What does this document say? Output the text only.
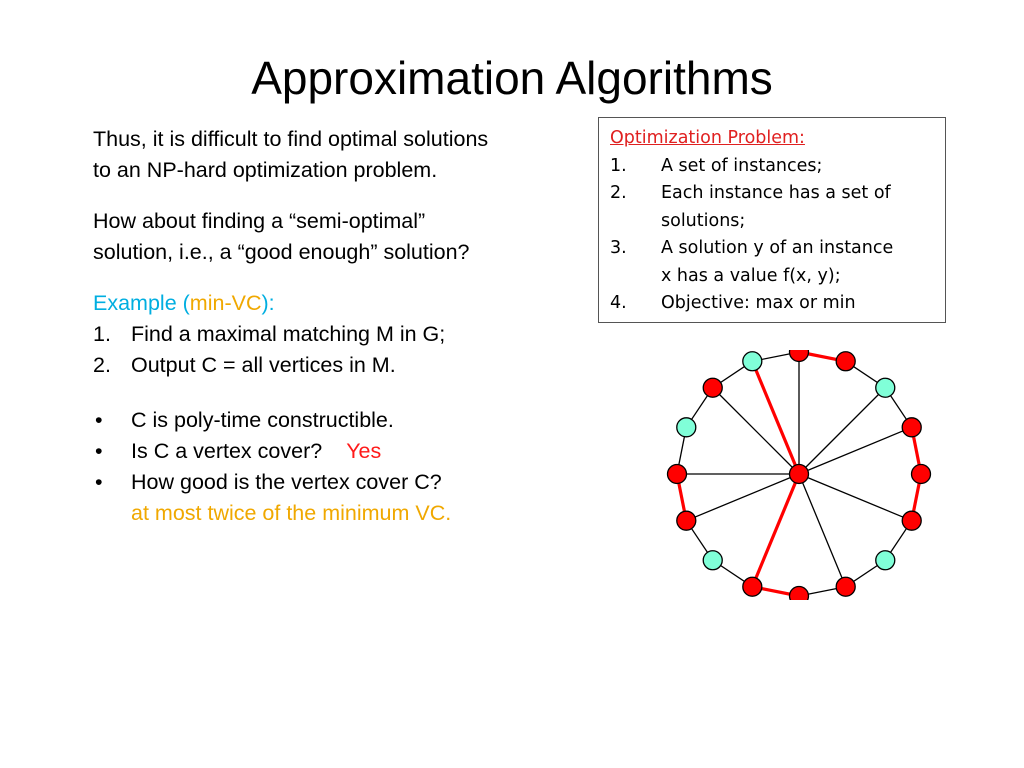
Approximation Algorithms

Thus, it is difficult to find optimal solutions

to an NP-hard optimization problem.

How about finding a “semi-optimal”

solution, i.e., a “good enough” solution?

Example (min-VC):
1. Find a maximal matching M in G;
2. Output C = all vertices in M.
•	C is poly-time constructible.
•	Is C a vertex cover? Yes
•	How good is the vertex cover C?
at most twice of the minimum VC.
Optimization Problem:
1.	A set of instances;
2.	Each instance has a set of
solutions;
3.	A solution y of an instance
x has a value f(x, y);
4.	Objective: max or min
